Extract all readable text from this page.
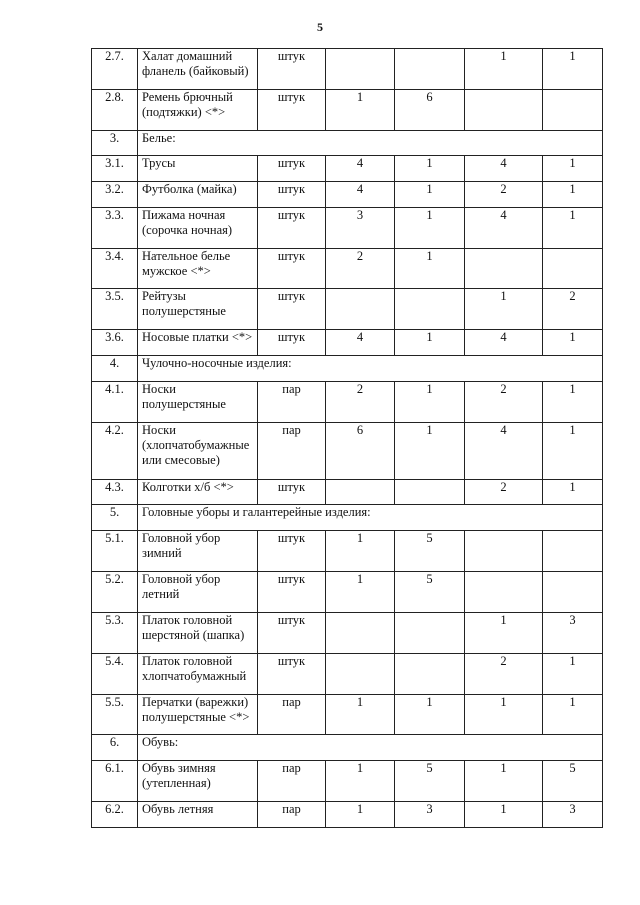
5
2.7.	Халат домашний фланель (байковый)	штук			1	1
2.8.	Ремень брючный (подтяжки) <*>	штук	1	6		
3.	Белье:					
3.1.	Трусы	штук	4	1	4	1
3.2.	Футболка (майка)	штук	4	1	2	1
3.3.	Пижама ночная (сорочка ночная)	штук	3	1	4	1
3.4.	Нательное белье мужское <*>	штук	2	1		
3.5.	Рейтузы полушерстяные	штук			1	2
3.6.	Носовые платки <*>	штук	4	1	4	1
4.	Чулочно-носочные изделия:					
4.1.	Носки полушерстяные	пар	2	1	2	1
4.2.	Носки (хлопчатобумажные или смесовые)	пар	6	1	4	1
4.3.	Колготки х/б <*>	штук			2	1
5.	Головные уборы и галантерейные изделия:					
5.1.	Головной убор зимний	штук	1	5		
5.2.	Головной убор летний	штук	1	5		
5.3.	Платок головной шерстяной (шапка)	штук			1	3
5.4.	Платок головной хлопчатобумажный	штук			2	1
5.5.	Перчатки (варежки) полушерстяные <*>	пар	1	1	1	1
6.	Обувь:					
6.1.	Обувь зимняя (утепленная)	пар	1	5	1	5
6.2.	Обувь летняя	пар	1	3	1	3
